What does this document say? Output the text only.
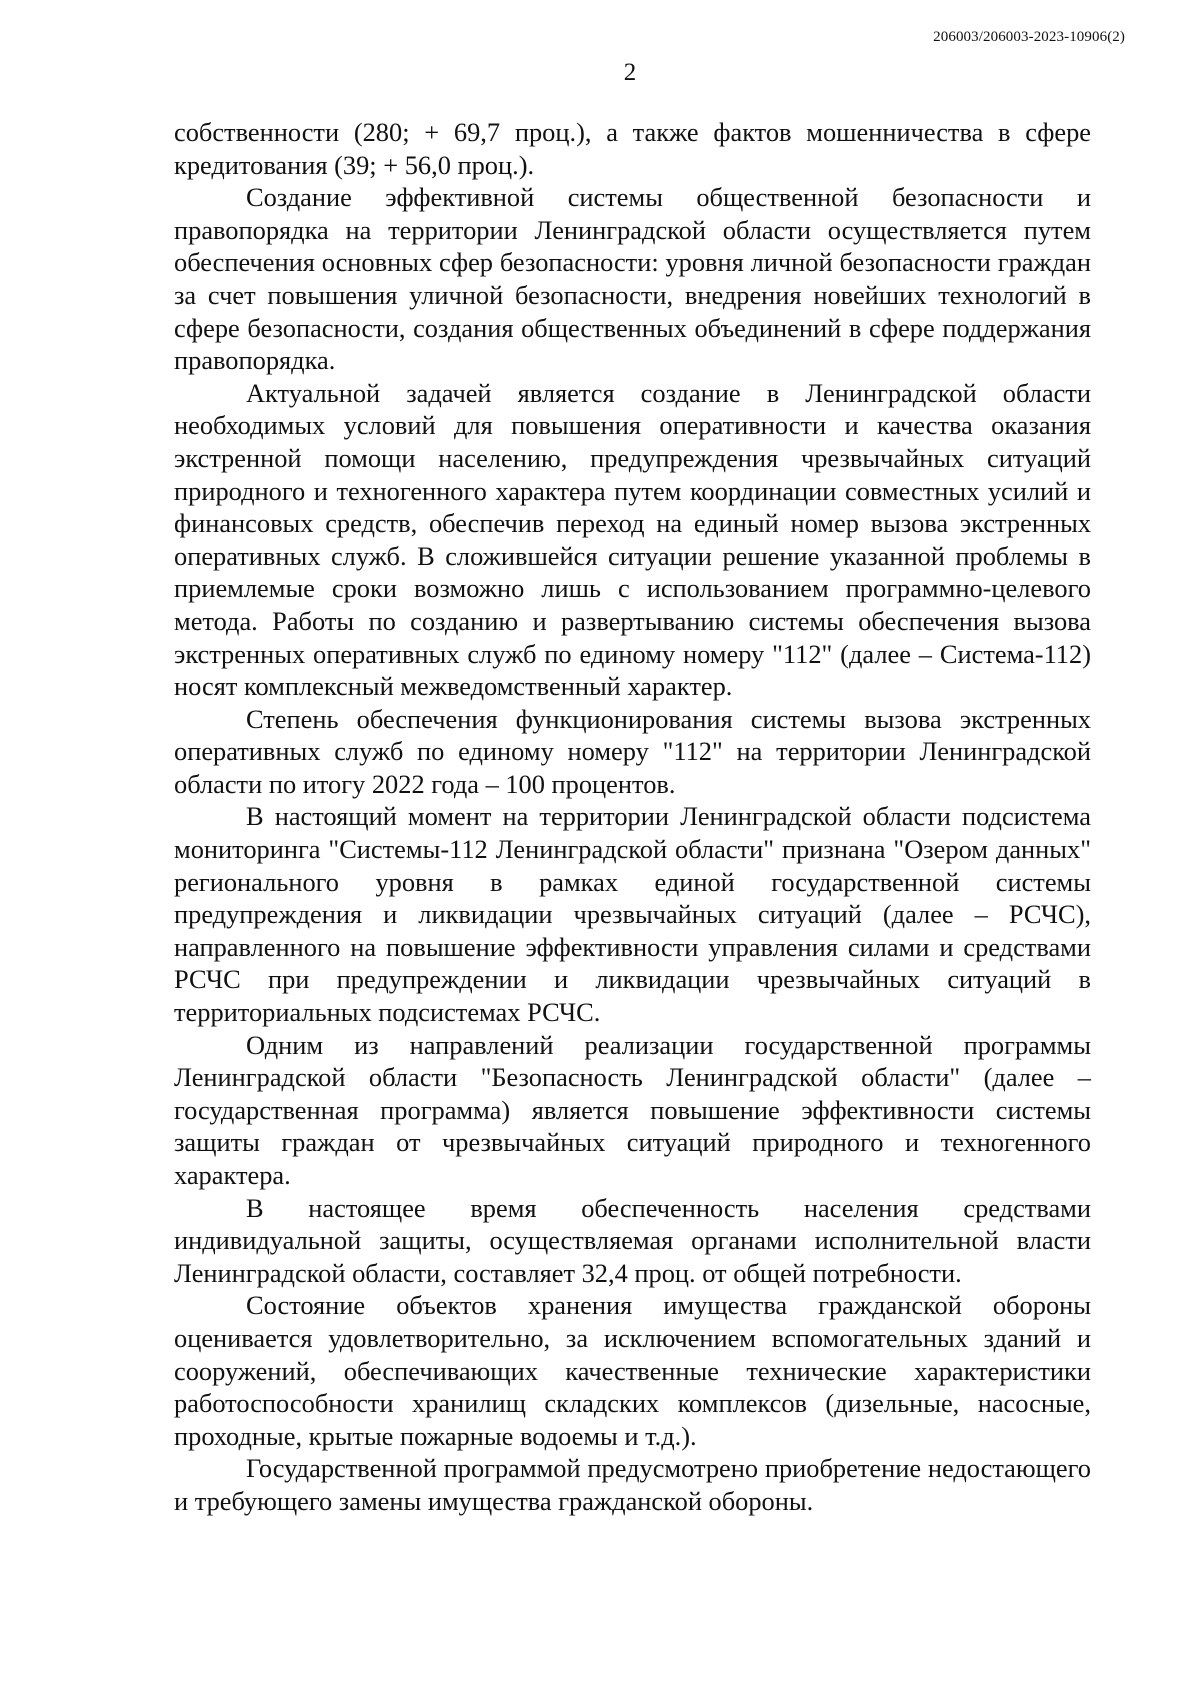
206003/206003-2023-10906(2)
2

собственности (280; + 69,7 проц.), а также фактов мошенничества в сфере кредитования (39; + 56,0 проц.).

Создание эффективной системы общественной безопасности и правопорядка на территории Ленинградской области осуществляется путем обеспечения основных сфер безопасности: уровня личной безопасности граждан за счет повышения уличной безопасности, внедрения новейших технологий в сфере безопасности, создания общественных объединений в сфере поддержания правопорядка.

Актуальной задачей является создание в Ленинградской области необходимых условий для повышения оперативности и качества оказания экстренной помощи населению, предупреждения чрезвычайных ситуаций природного и техногенного характера путем координации совместных усилий и финансовых средств, обеспечив переход на единый номер вызова экстренных оперативных служб. В сложившейся ситуации решение указанной проблемы в приемлемые сроки возможно лишь с использованием программно-целевого метода. Работы по созданию и развертыванию системы обеспечения вызова экстренных оперативных служб по единому номеру "112" (далее – Система-112) носят комплексный межведомственный характер.

Степень обеспечения функционирования системы вызова экстренных оперативных служб по единому номеру "112" на территории Ленинградской области по итогу 2022 года – 100 процентов.

В настоящий момент на территории Ленинградской области подсистема мониторинга "Системы-112 Ленинградской области" признана "Озером данных" регионального уровня в рамках единой государственной системы предупреждения и ликвидации чрезвычайных ситуаций (далее – РСЧС), направленного на повышение эффективности управления силами и средствами РСЧС при предупреждении и ликвидации чрезвычайных ситуаций в территориальных подсистемах РСЧС.

Одним из направлений реализации государственной программы Ленинградской области "Безопасность Ленинградской области" (далее – государственная программа) является повышение эффективности системы защиты граждан от чрезвычайных ситуаций природного и техногенного характера.

В настоящее время обеспеченность населения средствами индивидуальной защиты, осуществляемая органами исполнительной власти Ленинградской области, составляет 32,4 проц. от общей потребности.

Состояние объектов хранения имущества гражданской обороны оценивается удовлетворительно, за исключением вспомогательных зданий и сооружений, обеспечивающих качественные технические характеристики работоспособности хранилищ складских комплексов (дизельные, насосные, проходные, крытые пожарные водоемы и т.д.).

Государственной программой предусмотрено приобретение недостающего и требующего замены имущества гражданской обороны.
